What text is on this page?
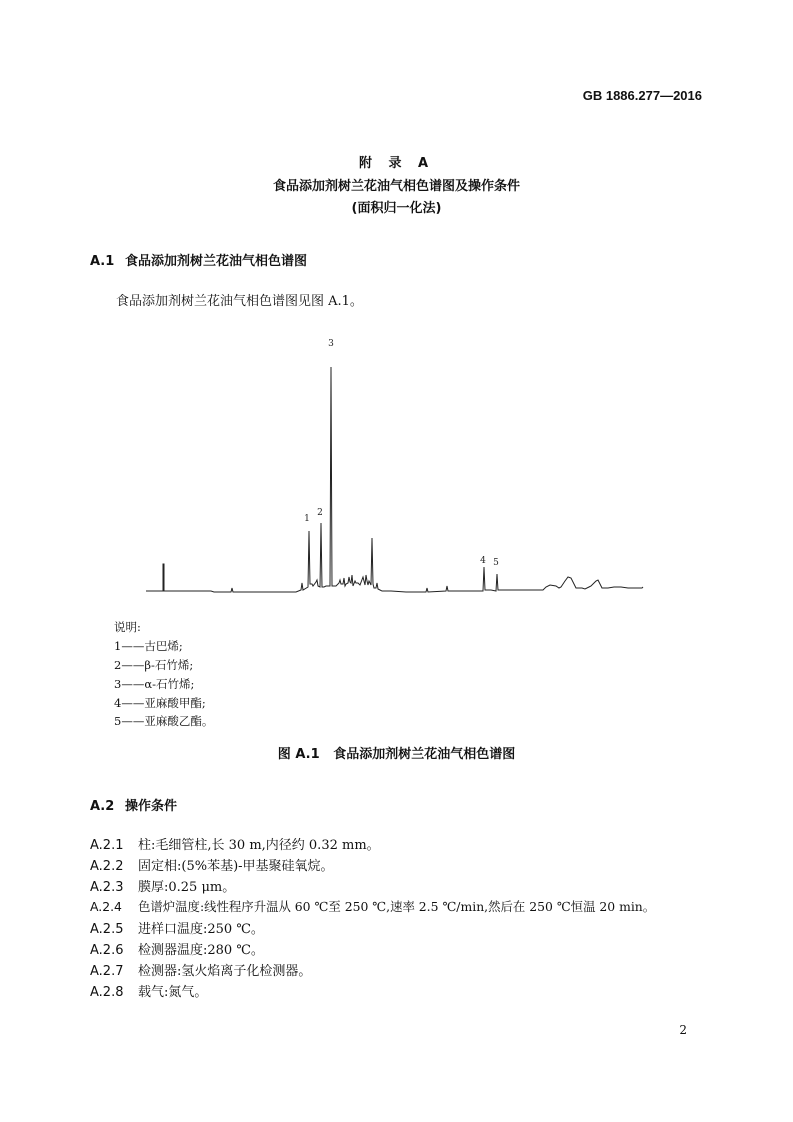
GB 1886.277—2016
附 录 A
食品添加剂树兰花油气相色谱图及操作条件
(面积归一化法)
A.1 食品添加剂树兰花油气相色谱图
食品添加剂树兰花油气相色谱图见图 A.1。
1
2
3
4 5
说明:
1——古巴烯;
2——β-石竹烯;
3——α-石竹烯;
4——亚麻酸甲酯;
5——亚麻酸乙酯。
图 A.1 食品添加剂树兰花油气相色谱图
A.2 操作条件
A.2.1 柱:毛细管柱,长 30 m,内径约 0.32 mm。
A.2.2 固定相:(5%苯基)-甲基聚硅氧烷。
A.2.3 膜厚:0.25 μm。
A.2.4 色谱炉温度:线性程序升温从 60 ℃至 250 ℃,速率 2.5 ℃/min,然后在 250 ℃恒温 20 min。
A.2.5 进样口温度:250 ℃。
A.2.6 检测器温度:280 ℃。
A.2.7 检测器:氢火焰离子化检测器。
A.2.8 载气:氮气。
2
